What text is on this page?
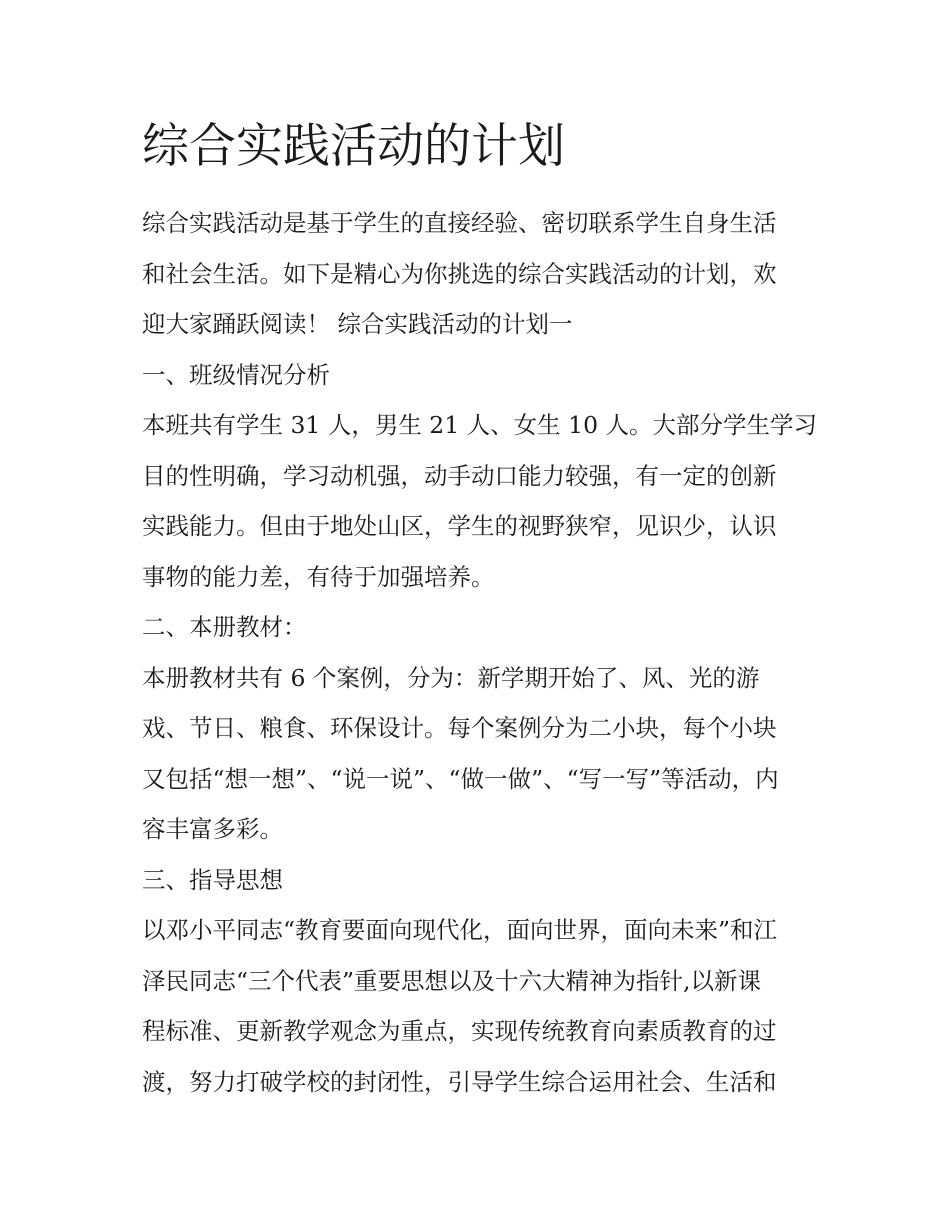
综合实践活动的计划

综合实践活动是基于学生的直接经验、密切联系学生自身生活

和社会生活。如下是精心为你挑选的综合实践活动的计划，欢

迎大家踊跃阅读！ 综合实践活动的计划一

一、班级情况分析

本班共有学生 31 人，男生 21 人、女生 10 人。大部分学生学习

目的性明确，学习动机强，动手动口能力较强，有一定的创新

实践能力。但由于地处山区，学生的视野狭窄，见识少，认识

事物的能力差，有待于加强培养。

二、本册教材：

本册教材共有 6 个案例，分为：新学期开始了、风、光的游

戏、节日、粮食、环保设计。每个案例分为二小块，每个小块

又包括“想一想”、“说一说”、“做一做”、“写一写”等活动，内

容丰富多彩。

三、指导思想

以邓小平同志“教育要面向现代化，面向世界，面向未来”和江

泽民同志“三个代表”重要思想以及十六大精神为指针,以新课

程标准、更新教学观念为重点，实现传统教育向素质教育的过

渡，努力打破学校的封闭性，引导学生综合运用社会、生活和
